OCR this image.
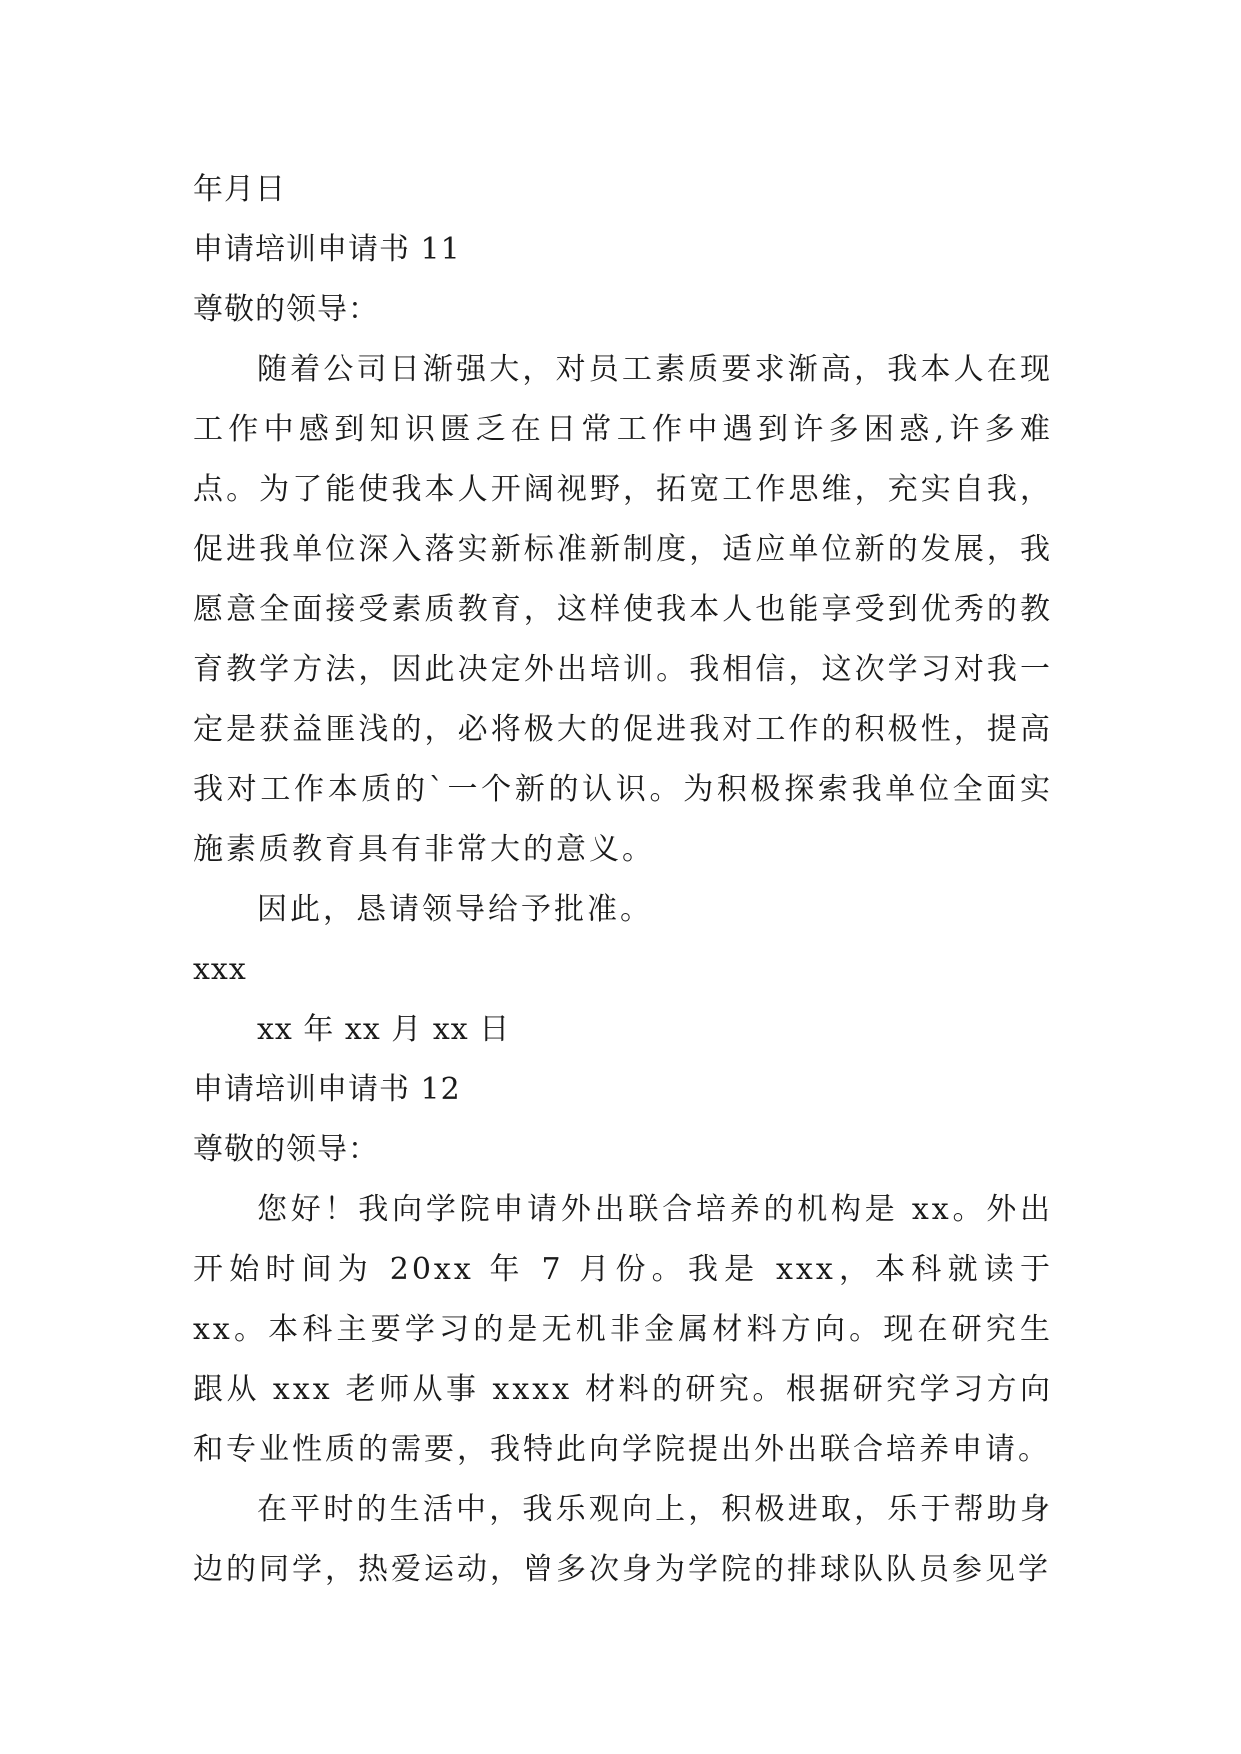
年月日
申请培训申请书 11
尊敬的领导：

随着公司日渐强大，对员工素质要求渐高，我本人在现工作中感到知识匮乏在日常工作中遇到许多困惑,许多难点。为了能使我本人开阔视野，拓宽工作思维，充实自我，促进我单位深入落实新标准新制度，适应单位新的发展，我愿意全面接受素质教育，这样使我本人也能享受到优秀的教育教学方法，因此决定外出培训。我相信，这次学习对我一定是获益匪浅的，必将极大的促进我对工作的积极性，提高我对工作本质的`一个新的认识。为积极探索我单位全面实施素质教育具有非常大的意义。

因此，恳请领导给予批准。

xxx
xx 年 xx 月 xx 日
申请培训申请书 12
尊敬的领导：

您好！我向学院申请外出联合培养的机构是 xx。外出开始时间为 20xx 年 7 月份。我是 xxx，本科就读于 xx。本科主要学习的是无机非金属材料方向。现在研究生跟从 xxx 老师从事 xxxx 材料的研究。根据研究学习方向和专业性质的需要，我特此向学院提出外出联合培养申请。

在平时的生活中，我乐观向上，积极进取，乐于帮助身边的同学，热爱运动，曾多次身为学院的排球队队员参见学
